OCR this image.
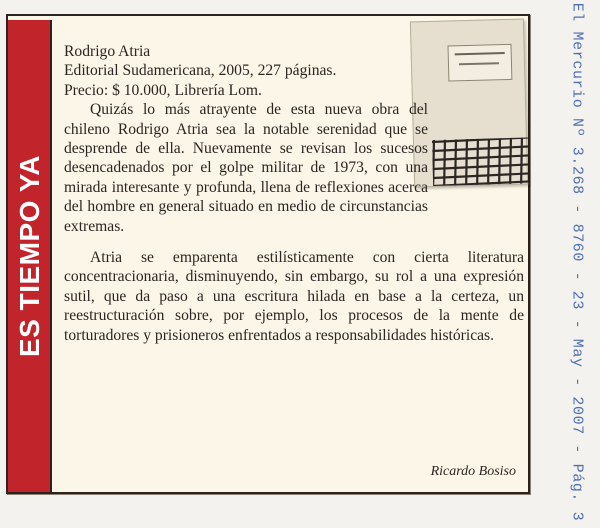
ES TIEMPO YA
Rodrigo Atria
Editorial Sudamericana, 2005, 227 páginas.
Precio: $ 10.000, Librería Lom.

Quizás lo más atrayente de esta nueva obra del chileno Rodrigo Atria sea la notable serenidad que se desprende de ella. Nuevamente se revisan los sucesos desencadenados por el golpe militar de 1973, con una mirada interesante y profunda, llena de reflexiones acerca del hombre en general situado en medio de circunstancias extremas.

Atria se emparenta estilísticamente con cierta literatura concentracionaria, disminuyendo, sin embargo, su rol a una expresión sutil, que da paso a una escritura hilada en base a la certeza, un reestructuración sobre, por ejemplo, los procesos de la mente de torturadores y prisioneros enfrentados a responsabilidades históricas.

Ricardo Bosiso	El Mercurio Nº 3.268 - 8760 - 23 - May - 2007 - Pág. 3
